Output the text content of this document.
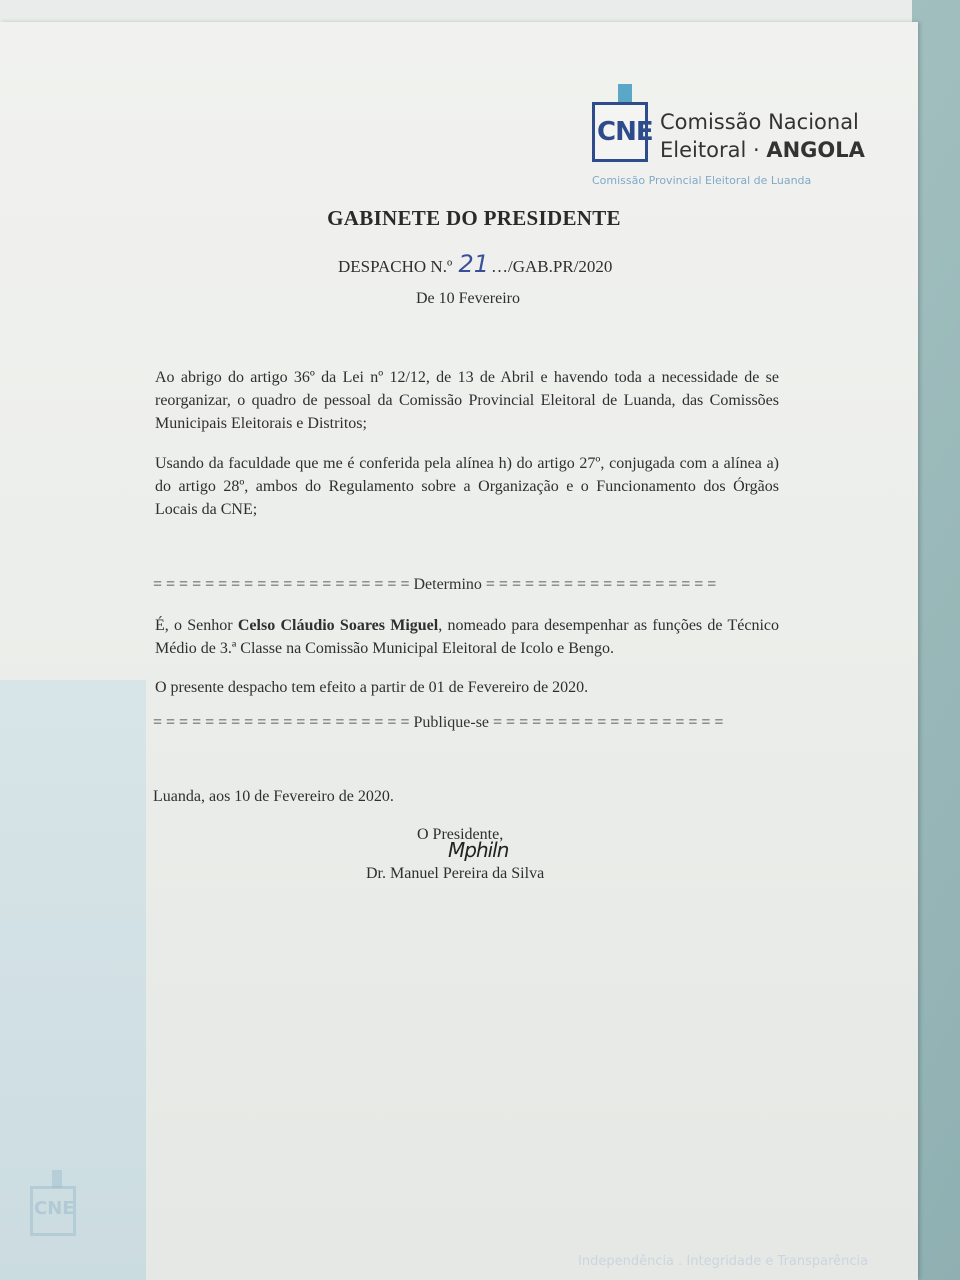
CNE Comissão Nacional
Eleitoral · ANGOLA
Comissão Provincial Eleitoral de Luanda
GABINETE DO PRESIDENTE
DESPACHO N.º 21 …/GAB.PR/2020
De 10 Fevereiro
Ao abrigo do artigo 36º da Lei nº 12/12, de 13 de Abril e havendo toda a necessidade de se reorganizar, o quadro de pessoal da Comissão Provincial Eleitoral de Luanda, das Comissões Municipais Eleitorais e Distritos;
Usando da faculdade que me é conferida pela alínea h) do artigo 27º, conjugada com a alínea a) do artigo 28º, ambos do Regulamento sobre a Organização e o Funcionamento dos Órgãos Locais da CNE;
= = = = = = = = = = = = = = = = = = = = Determino = = = = = = = = = = = = = = = = = =
É, o Senhor Celso Cláudio Soares Miguel, nomeado para desempenhar as funções de Técnico Médio de 3.ª Classe na Comissão Municipal Eleitoral de Icolo e Bengo.
O presente despacho tem efeito a partir de 01 de Fevereiro de 2020.
= = = = = = = = = = = = = = = = = = = = Publique-se = = = = = = = = = = = = = = = = = =
Luanda, aos 10 de Fevereiro de 2020.
O Presidente,
Mphiln
Dr. Manuel Pereira da Silva
CNE
Independência . Integridade e Transparência
